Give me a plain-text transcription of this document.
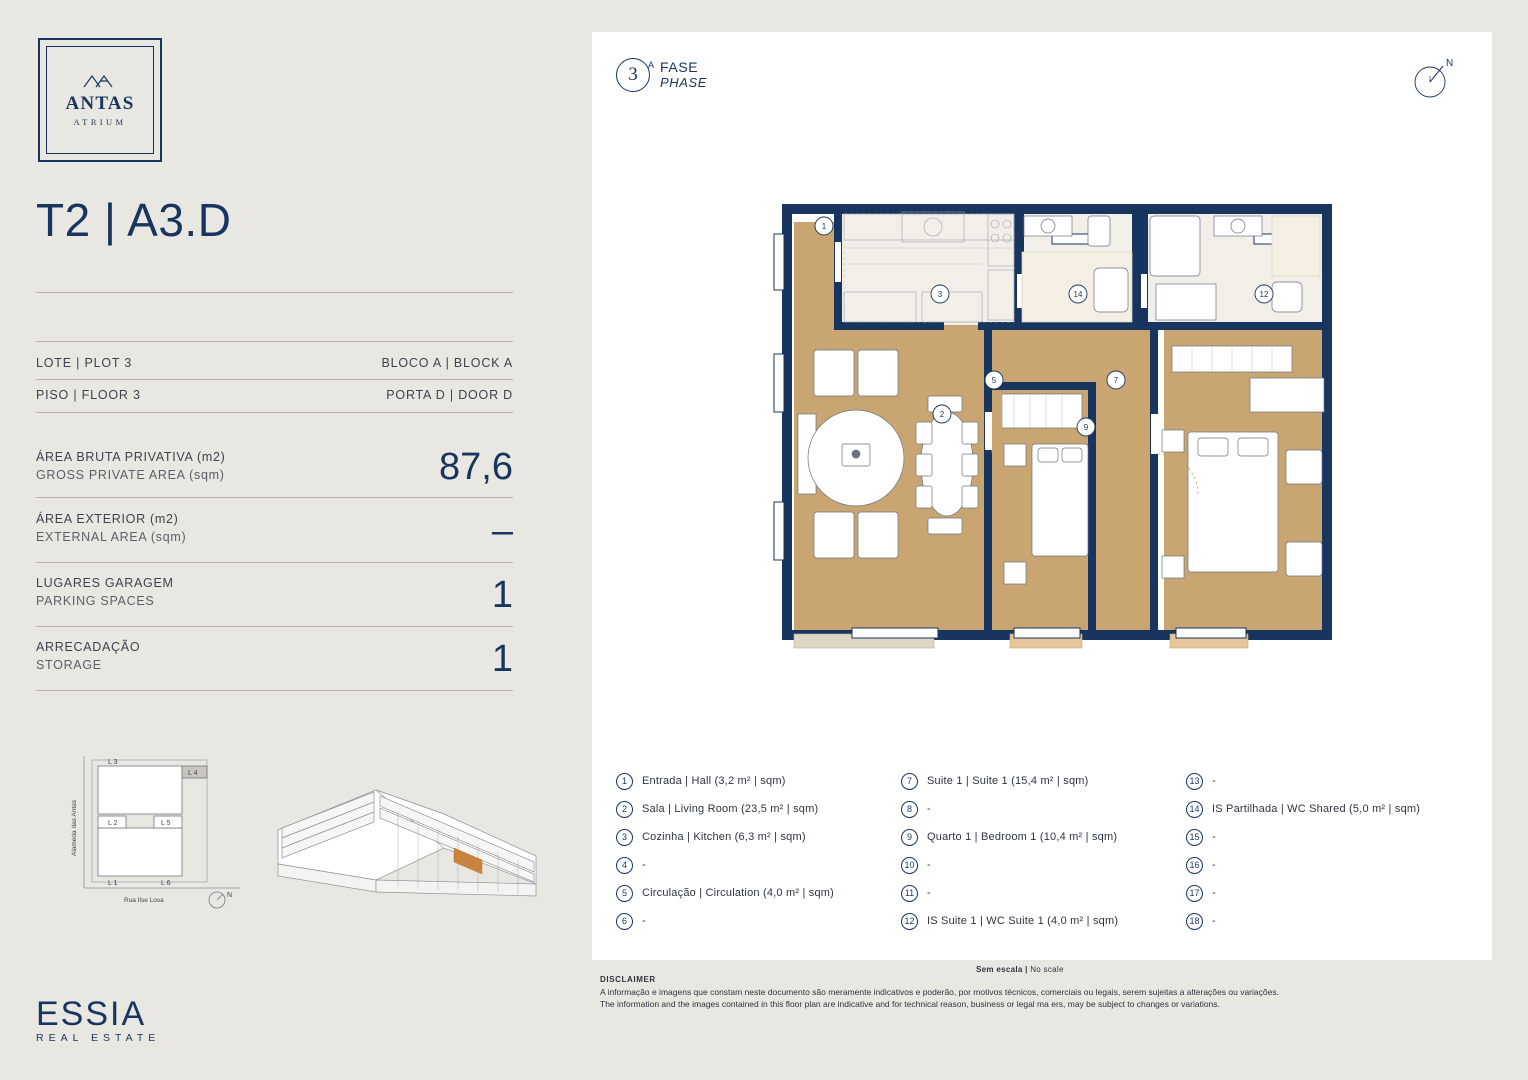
ANTAS
ATRIUM
T2 | A3.D
LOTE | PLOT 3	BLOCO A | BLOCK A
PISO | FLOOR 3	PORTA D | DOOR D
ÁREA BRUTA PRIVATIVA (m2)
GROSS PRIVATE AREA (sqm)	87,6
ÁREA EXTERIOR (m2)
EXTERNAL AREA (sqm)	–
LUGARES GARAGEM
PARKING SPACES	1
ARRECADAÇÃO
STORAGE	1
L 3
L 4
L 2	L 5
L 1	L 6
Alameda das Antas
Rua Ilse Losa
N
ESSIA
REAL ESTATE
3	A FASE
PHASE
N
1
3
2
5	7
9
14	12
1	Entrada | Hall (3,2 m² | sqm)
2	Sala | Living Room (23,5 m² | sqm)
3	Cozinha | Kitchen (6,3 m² | sqm)
4	-
5	Circulação | Circulation (4,0 m² | sqm)
6	-
7	Suite 1 | Suite 1 (15,4 m² | sqm)
8	-
9	Quarto 1 | Bedroom 1 (10,4 m² | sqm)
10	-
11	-
12	IS Suite 1 | WC Suite 1 (4,0 m² | sqm)
13	-
14	IS Partilhada | WC Shared (5,0 m² | sqm)
15	-
16	-
17	-
18	-
Sem escala | No scale
DISCLAIMER
A informação e imagens que constam neste documento são meramente indicativos e poderão, por motivos técnicos, comerciais ou legais, serem sujeitas a alterações ou variações.
The information and the images contained in this floor plan are indicative and for technical reason, business or legal ma ers, may be subject to changes or variations.
